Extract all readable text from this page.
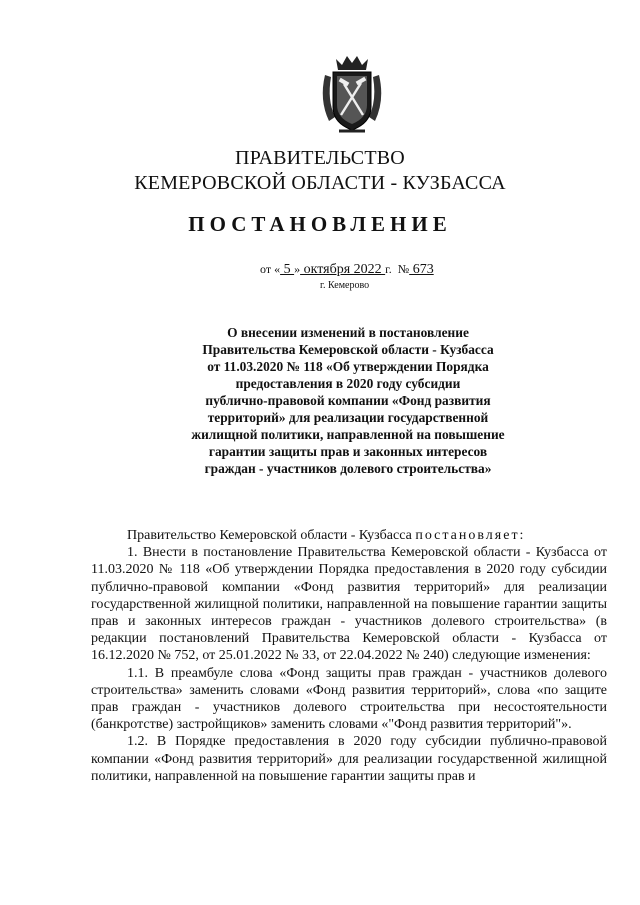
ПРАВИТЕЛЬСТВО
КЕМЕРОВСКОЙ ОБЛАСТИ - КУЗБАССА
ПОСТАНОВЛЕНИЕ
от « 5 » октября 2022 г. № 673
г. Кемерово
О внесении изменений в постановление
Правительства Кемеровской области - Кузбасса
от 11.03.2020 № 118 «Об утверждении Порядка
предоставления в 2020 году субсидии
публично-правовой компании «Фонд развития
территорий» для реализации государственной
жилищной политики, направленной на повышение
гарантии защиты прав и законных интересов
граждан - участников долевого строительства»

Правительство Кемеровской области - Кузбасса постановляет:

1. Внести в постановление Правительства Кемеровской области - Кузбасса от 11.03.2020 № 118 «Об утверждении Порядка предоставления в 2020 году субсидии публично-правовой компании «Фонд развития территорий» для реализации государственной жилищной политики, направленной на повышение гарантии защиты прав и законных интересов граждан - участников долевого строительства» (в редакции постановлений Правительства Кемеровской области - Кузбасса от 16.12.2020 № 752, от 25.01.2022 № 33, от 22.04.2022 № 240) следующие изменения:

1.1. В преамбуле слова «Фонд защиты прав граждан - участников долевого строительства» заменить словами «Фонд развития территорий», слова «по защите прав граждан - участников долевого строительства при несостоятельности (банкротстве) застройщиков» заменить словами «"Фонд развития территорий"».

1.2. В Порядке предоставления в 2020 году субсидии публично-правовой компании «Фонд развития территорий» для реализации государственной жилищной политики, направленной на повышение гарантии защиты прав и
